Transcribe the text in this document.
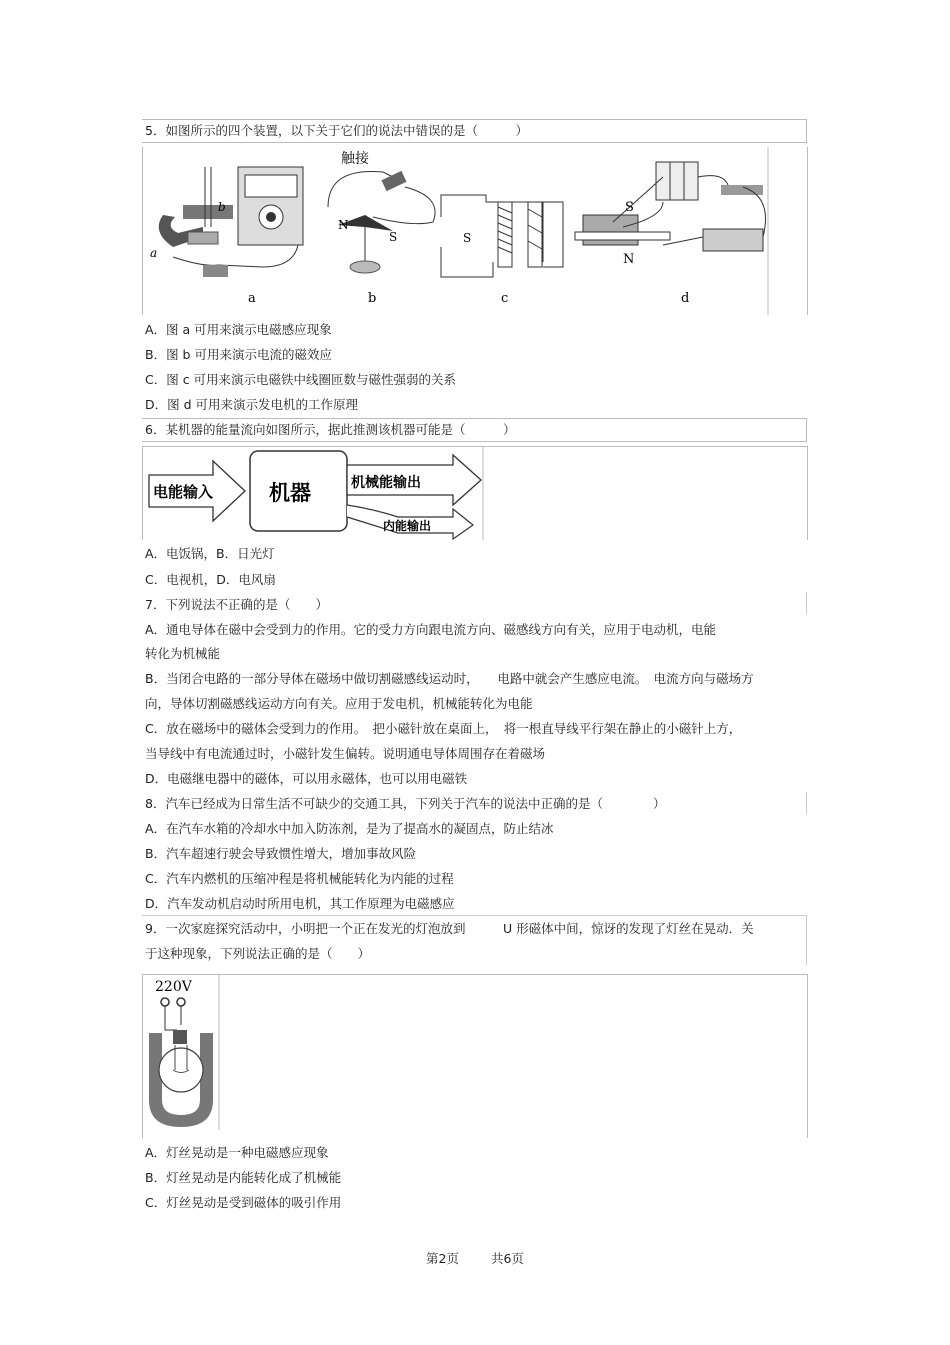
5．如图所示的四个装置，以下关于它们的说法中错误的是（　　　）
a
b
触接
N
S	S
S
N
a	b	c	d
A．图 a 可用来演示电磁感应现象
B．图 b 可用来演示电流的磁效应
C．图 c 可用来演示电磁铁中线圈匝数与磁性强弱的关系
D．图 d 可用来演示发电机的工作原理
6．某机器的能量流向如图所示，据此推测该机器可能是（　　　）
电能输入	机器	机械能输出
内能输出
A．电饭锅，B．日光灯
C．电视机，D．电风扇
7．下列说法不正确的是（　　）
A．通电导体在磁中会受到力的作用。它的受力方向跟电流方向、磁感线方向有关，应用于电动机，电能
转化为机械能
B．当闭合电路的一部分导体在磁场中做切割磁感线运动时，　　电路中就会产生感应电流。　电流方向与磁场方
向，导体切割磁感线运动方向有关。应用于发电机，机械能转化为电能
C．放在磁场中的磁体会受到力的作用。　把小磁针放在桌面上，　将一根直导线平行架在静止的小磁针上方，
当导线中有电流通过时，小磁针发生偏转。说明通电导体周围存在着磁场
D．电磁继电器中的磁体，可以用永磁体，也可以用电磁铁
8．汽车已经成为日常生活不可缺少的交通工具，下列关于汽车的说法中正确的是（　　　　）
A．在汽车水箱的冷却水中加入防冻剂，是为了提高水的凝固点，防止结冰
B．汽车超速行驶会导致惯性增大，增加事故风险
C．汽车内燃机的压缩冲程是将机械能转化为内能的过程
D．汽车发动机启动时所用电机，其工作原理为电磁感应
9．一次家庭探究活动中，小明把一个正在发光的灯泡放到　　　U 形磁体中间，惊讶的发现了灯丝在晃动．关
于这种现象，下列说法正确的是（　　）
220V
A．灯丝晃动是一种电磁感应现象
B．灯丝晃动是内能转化成了机械能
C．灯丝晃动是受到磁体的吸引作用
第2页	共6页
